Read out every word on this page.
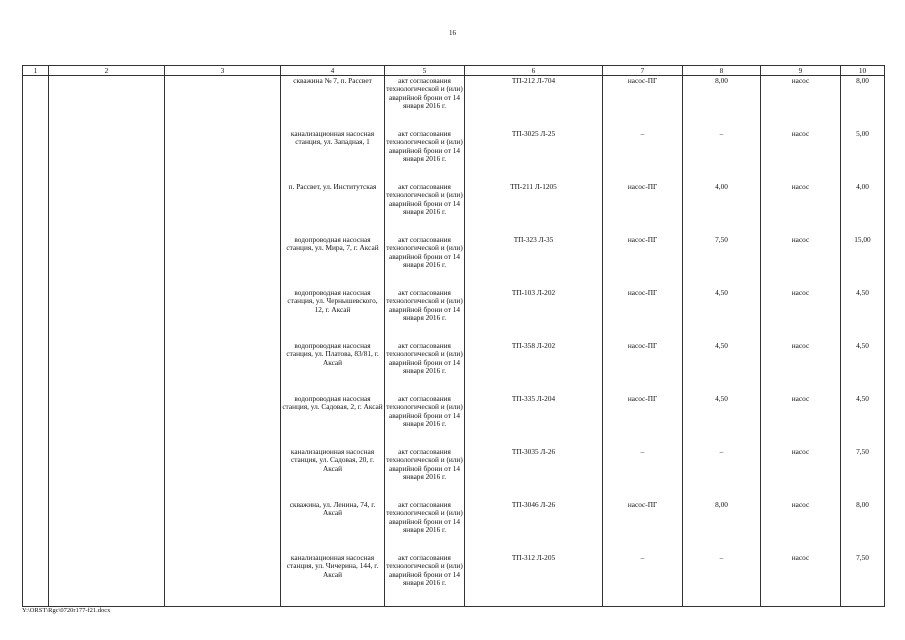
16
1	2	3	4	5	6	7	8	9	10
			скважина № 7, п. Рассвет	акт согласования технологической и (или) аварийной брони от 14 января 2016 г.	ТП-212 Л-704	насос-ПГ	8,00	насос	8,00
			канализационная насосная станция, ул. Западная, 1	акт согласования технологической и (или) аварийной брони от 14 января 2016 г.	ТП-3025 Л-25	–	–	насос	5,00
			п. Рассвет, ул. Институтская	акт согласования технологической и (или) аварийной брони от 14 января 2016 г.	ТП-211 Л-1205	насос-ПГ	4,00	насос	4,00
			водопроводная насосная станция, ул. Мира, 7, г. Аксай	акт согласования технологической и (или) аварийной брони от 14 января 2016 г.	ТП-323 Л-35	насос-ПГ	7,50	насос	15,00
			водопроводная насосная станция, ул. Чернышевского, 12, г. Аксай	акт согласования технологической и (или) аварийной брони от 14 января 2016 г.	ТП-103 Л-202	насос-ПГ	4,50	насос	4,50
			водопроводная насосная станция, ул. Платова, 83/81, г. Аксай	акт согласования технологической и (или) аварийной брони от 14 января 2016 г.	ТП-358 Л-202	насос-ПГ	4,50	насос	4,50
			водопроводная насосная станция, ул. Садовая, 2, г. Аксай	акт согласования технологической и (или) аварийной брони от 14 января 2016 г.	ТП-335 Л-204	насос-ПГ	4,50	насос	4,50
			канализационная насосная станция, ул. Садовая, 20, г. Аксай	акт согласования технологической и (или) аварийной брони от 14 января 2016 г.	ТП-3035 Л-26	–	–	насос	7,50
			скважина, ул. Ленина, 74, г. Аксай	акт согласования технологической и (или) аварийной брони от 14 января 2016 г.	ТП-3046 Л-26	насос-ПГ	8,00	насос	8,00
			канализационная насосная станция, ул. Чичерина, 144, г. Аксай	акт согласования технологической и (или) аварийной брони от 14 января 2016 г.	ТП-312 Л-205	–	–	насос	7,50
Y:\ORST\Rgc\0720r177-f21.docx
